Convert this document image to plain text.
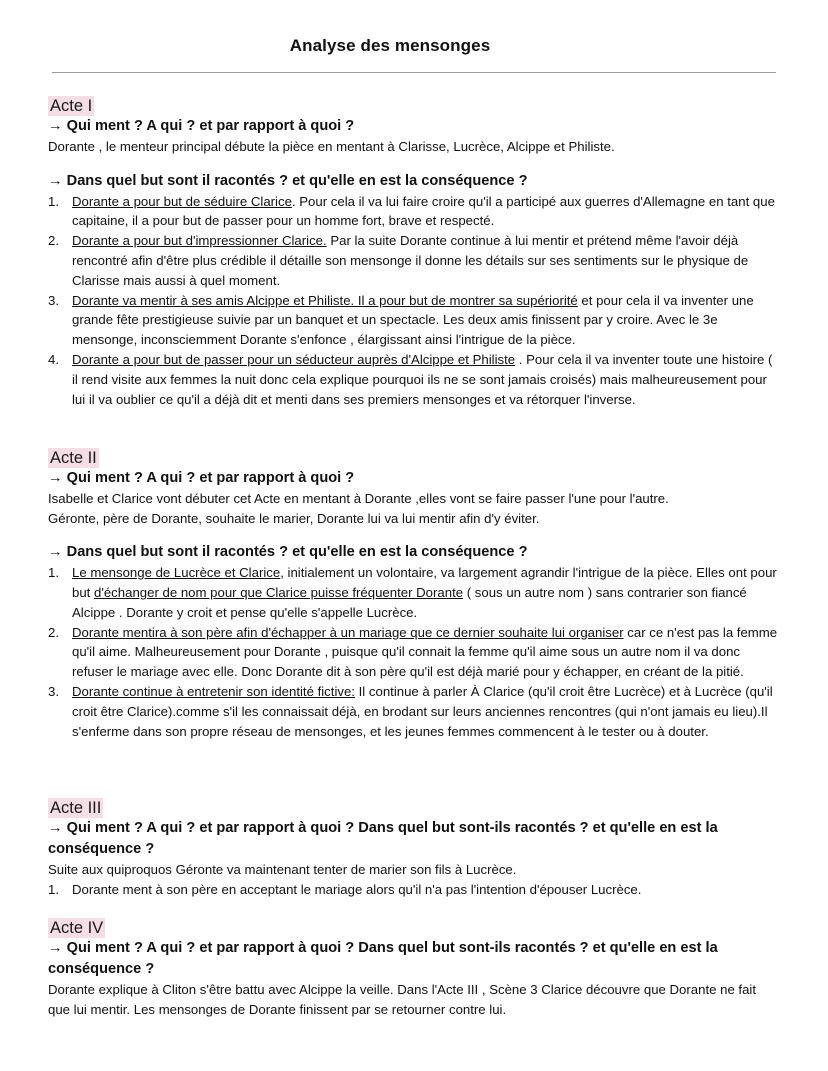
Analyse des mensonges
Acte I
→ Qui ment ? A qui ? et par rapport à quoi ?
Dorante , le menteur principal débute la pièce en mentant à Clarisse, Lucrèce, Alcippe et Philiste.
→ Dans quel but sont il racontés ? et qu'elle en est la conséquence ?
1. Dorante a pour but de séduire Clarice. Pour cela il va lui faire croire qu'il a participé aux guerres d'Allemagne en tant que capitaine, il a pour but de passer pour un homme fort, brave et respecté.
2. Dorante a pour but d'impressionner Clarice. Par la suite Dorante continue à lui mentir et prétend même l'avoir déjà rencontré afin d'être plus crédible il détaille son mensonge il donne les détails sur ses sentiments sur le physique de Clarisse mais aussi à quel moment.
3. Dorante va mentir à ses amis Alcippe et Philiste. Il a pour but de montrer sa supériorité et pour cela il va inventer une grande fête prestigieuse suivie par un banquet et un spectacle. Les deux amis finissent par y croire. Avec le 3e mensonge, inconsciemment Dorante s'enfonce , élargissant ainsi l'intrigue de la pièce.
4. Dorante a pour but de passer pour un séducteur auprès d'Alcippe et Philiste . Pour cela il va inventer toute une histoire ( il rend visite aux femmes la nuit donc cela explique pourquoi ils ne se sont jamais croisés) mais malheureusement pour lui il va oublier ce qu'il a déjà dit et menti dans ses premiers mensonges et va rétorquer l'inverse.
Acte II
→ Qui ment ? A qui ? et par rapport à quoi ?
Isabelle et Clarice vont débuter cet Acte en mentant à Dorante ,elles vont se faire passer l'une pour l'autre.
Géronte, père de Dorante, souhaite le marier, Dorante lui va lui mentir afin d'y éviter.
→ Dans quel but sont il racontés ? et qu'elle en est la conséquence ?
1. Le mensonge de Lucrèce et Clarice, initialement un volontaire, va largement agrandir l'intrigue de la pièce. Elles ont pour but d'échanger de nom pour que Clarice puisse fréquenter Dorante ( sous un autre nom ) sans contrarier son fiancé Alcippe . Dorante y croit et pense qu'elle s'appelle Lucrèce.
2. Dorante mentira à son père afin d'échapper à un mariage que ce dernier souhaite lui organiser car ce n'est pas la femme qu'il aime. Malheureusement pour Dorante , puisque qu'il connait la femme qu'il aime sous un autre nom il va donc refuser le mariage avec elle. Donc Dorante dit à son père qu'il est déjà marié pour y échapper, en créant de la pitié.
3. Dorante continue à entretenir son identité fictive: Il continue à parler À Clarice (qu'il croit être Lucrèce) et à Lucrèce (qu'il croit être Clarice).comme s'il les connaissait déjà, en brodant sur leurs anciennes rencontres (qui n'ont jamais eu lieu).Il s'enferme dans son propre réseau de mensonges, et les jeunes femmes commencent à le tester ou à douter.
Acte III
→ Qui ment ? A qui ? et par rapport à quoi ? Dans quel but sont-ils racontés ? et qu'elle en est la conséquence ?
Suite aux quiproquos Géronte va maintenant tenter de marier son fils à Lucrèce.
1. Dorante ment à son père en acceptant le mariage alors qu'il n'a pas l'intention d'épouser Lucrèce.
Acte IV
→ Qui ment ? A qui ? et par rapport à quoi ? Dans quel but sont-ils racontés ? et qu'elle en est la conséquence ?
Dorante explique à Cliton s'être battu avec Alcippe la veille. Dans l'Acte III , Scène 3 Clarice découvre que Dorante ne fait que lui mentir. Les mensonges de Dorante finissent par se retourner contre lui.
